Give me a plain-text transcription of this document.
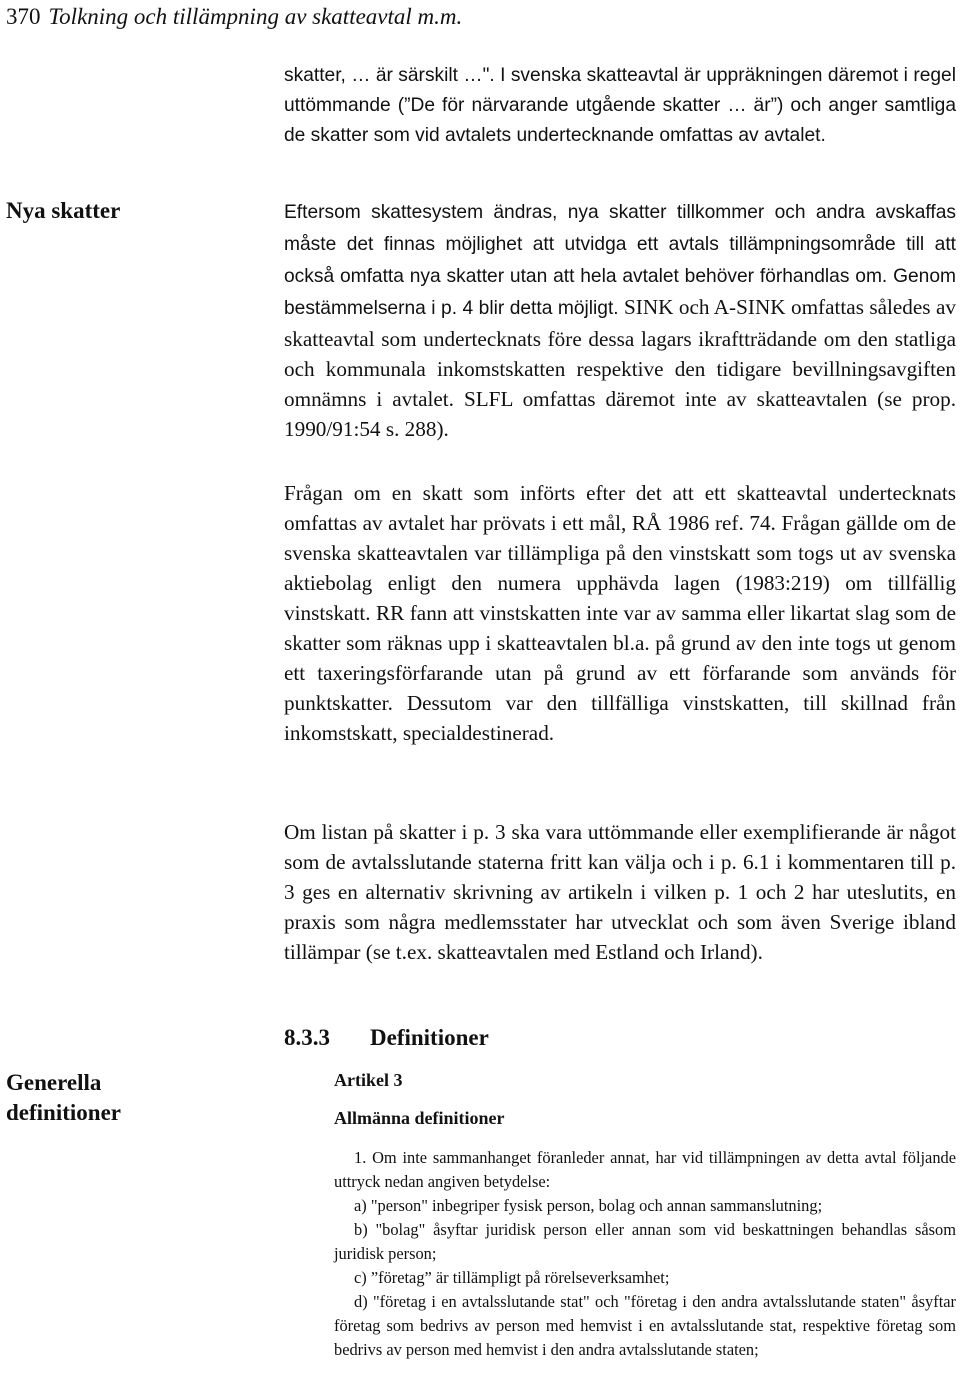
370 Tolkning och tillämpning av skatteavtal m.m.
Nya skatter
skatter, … är särskilt …". I svenska skatteavtal är uppräkningen däremot i regel uttömmande (”De för närvarande utgående skatter … är”) och anger samtliga de skatter som vid avtalets undertecknande omfattas av avtalet.
Eftersom skattesystem ändras, nya skatter tillkommer och andra avskaffas måste det finnas möjlighet att utvidga ett avtals tillämpningsområde till att också omfatta nya skatter utan att hela avtalet behöver förhandlas om. Genom bestämmelserna i p. 4 blir detta möjligt. SINK och A-SINK omfattas således av skatteavtal som undertecknats före dessa lagars ikraftträdande om den statliga och kommunala inkomstskatten respektive den tidigare bevillningsavgiften omnämns i avtalet. SLFL omfattas däremot inte av skatteavtalen (se prop. 1990/91:54 s. 288).
Frågan om en skatt som införts efter det att ett skatteavtal undertecknats omfattas av avtalet har prövats i ett mål, RÅ 1986 ref. 74. Frågan gällde om de svenska skatteavtalen var tillämpliga på den vinstskatt som togs ut av svenska aktiebolag enligt den numera upphävda lagen (1983:219) om tillfällig vinstskatt. RR fann att vinstskatten inte var av samma eller likartat slag som de skatter som räknas upp i skatteavtalen bl.a. på grund av den inte togs ut genom ett taxeringsförfarande utan på grund av ett förfarande som används för punktskatter. Dessutom var den tillfälliga vinstskatten, till skillnad från inkomstskatt, specialdestinerad.
Om listan på skatter i p. 3 ska vara uttömmande eller exemplifierande är något som de avtalsslutande staterna fritt kan välja och i p. 6.1 i kommentaren till p. 3 ges en alternativ skrivning av artikeln i vilken p. 1 och 2 har uteslutits, en praxis som några medlemsstater har utvecklat och som även Sverige ibland tillämpar (se t.ex. skatteavtalen med Estland och Irland).
8.3.3 Definitioner
Generella
definitioner
Artikel 3
Allmänna definitioner
1. Om inte sammanhanget föranleder annat, har vid tillämpningen av detta avtal följande uttryck nedan angiven betydelse:
a) "person" inbegriper fysisk person, bolag och annan sammanslutning;
b) "bolag" åsyftar juridisk person eller annan som vid beskattningen behandlas såsom juridisk person;
c) ”företag” är tillämpligt på rörelseverksamhet;
d) "företag i en avtalsslutande stat" och "företag i den andra avtalsslutande staten" åsyftar företag som bedrivs av person med hemvist i en avtalsslutande stat, respektive företag som bedrivs av person med hemvist i den andra avtalsslutande staten;
